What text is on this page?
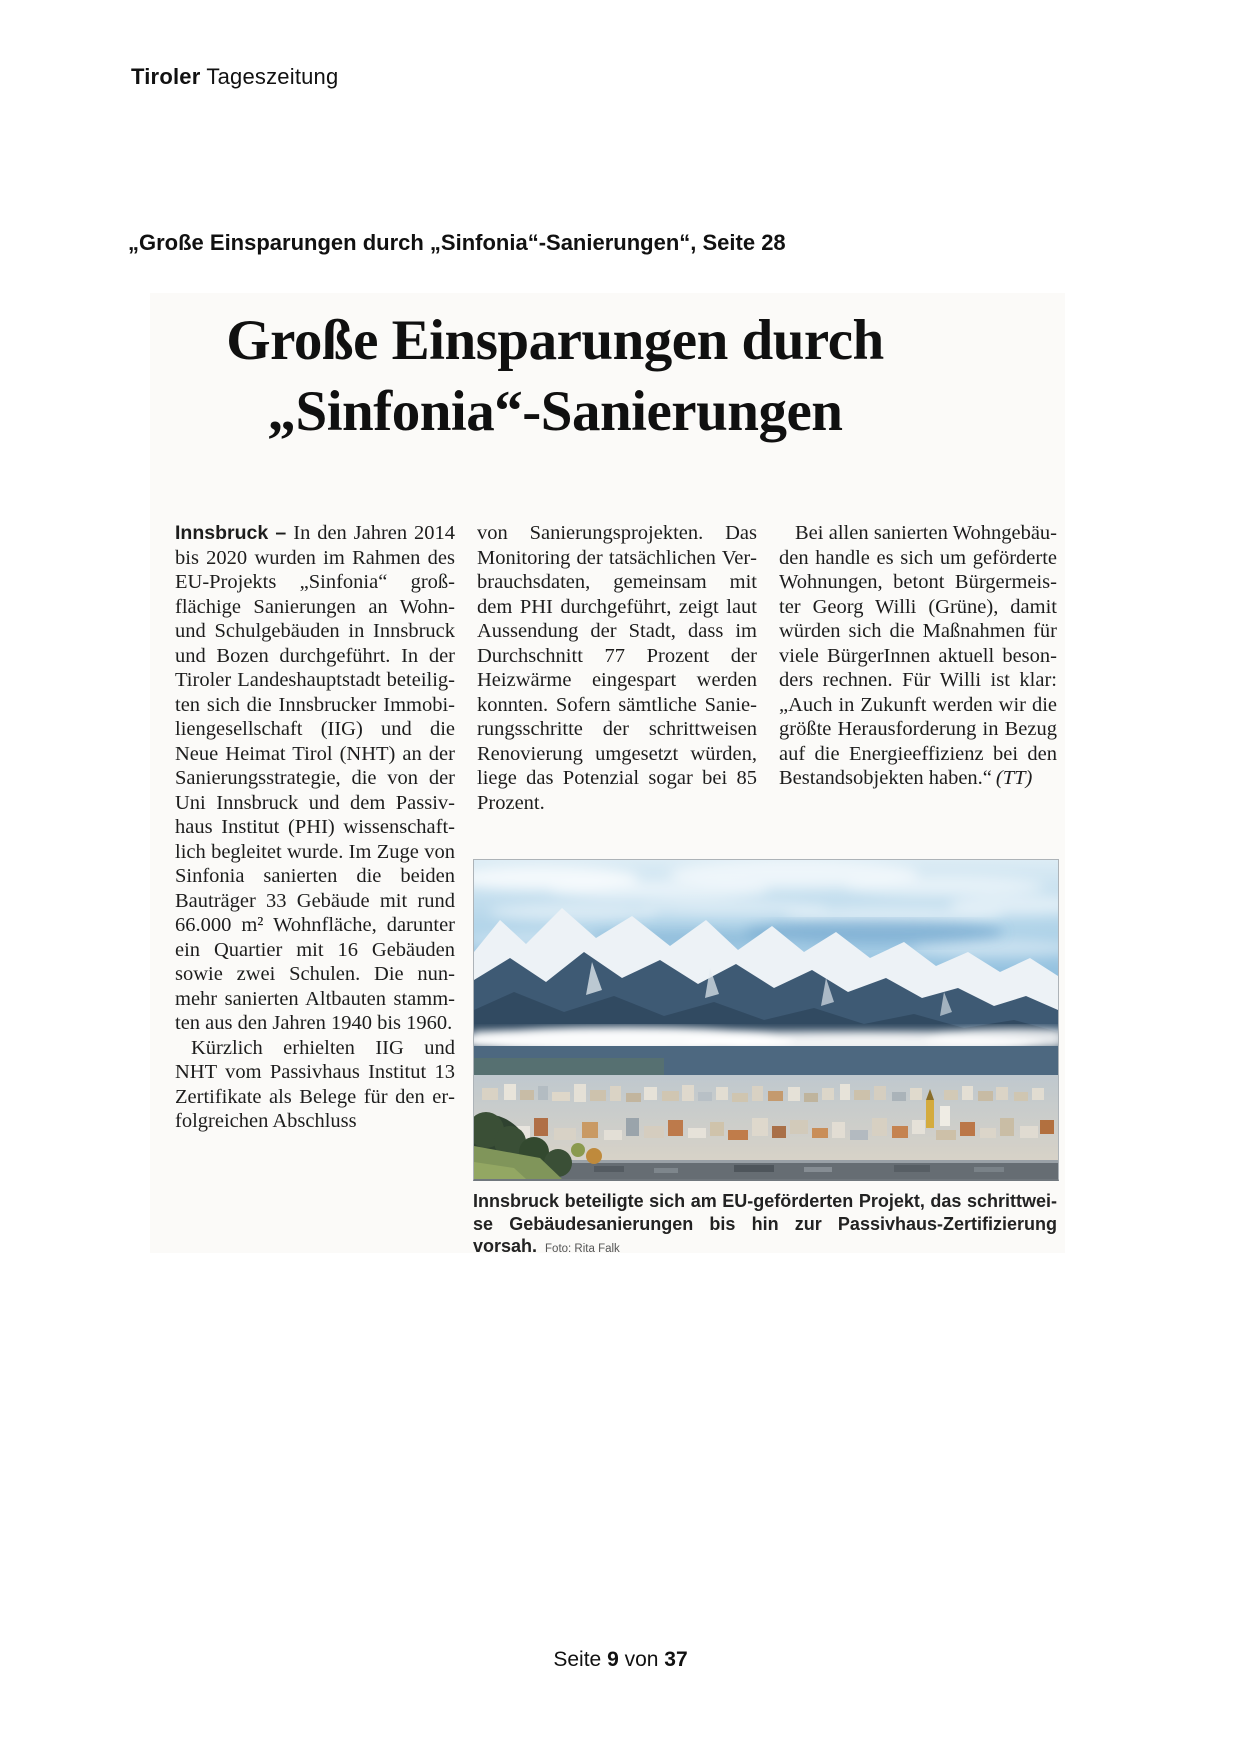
Tiroler Tageszeitung
„Große Einsparungen durch „Sinfonia“-Sanierungen“, Seite 28
Große Einsparungen durch
„Sinfonia“-Sanierungen

Innsbruck – In den Jahren 2014 bis 2020 wurden im Rahmen des EU-Projekts „Sinfonia“ großflächige Sanierungen an Wohn- und Schulgebäuden in Innsbruck und Bozen durchgeführt. In der Tiroler Landeshauptstadt beteiligten sich die Innsbrucker Immobiliengesellschaft (IIG) und die Neue Heimat Tirol (NHT) an der Sanierungsstrategie, die von der Uni Innsbruck und dem Passivhaus Institut (PHI) wissenschaftlich begleitet wurde. Im Zuge von Sinfonia sanierten die beiden Bauträger 33 Gebäude mit rund 66.000 m² Wohnfläche, darunter ein Quartier mit 16 Gebäuden sowie zwei Schulen. Die nunmehr sanierten Altbauten stammten aus den Jahren 1940 bis 1960.

Kürzlich erhielten IIG und NHT vom Passivhaus Institut 13 Zertifikate als Belege für den erfolgreichen Abschluss

von Sanierungsprojekten. Das Monitoring der tatsächlichen Verbrauchsdaten, gemeinsam mit dem PHI durchgeführt, zeigt laut Aussendung der Stadt, dass im Durchschnitt 77 Prozent der Heizwärme eingespart werden konnten. Sofern sämtliche Sanierungsschritte der schrittweisen Renovierung umgesetzt würden, liege das Potenzial sogar bei 85 Prozent.

Bei allen sanierten Wohngebäuden handle es sich um geförderte Wohnungen, betont Bürgermeister Georg Willi (Grüne), damit würden sich die Maßnahmen für viele BürgerInnen aktuell besonders rechnen. Für Willi ist klar: „Auch in Zukunft werden wir die größte Herausforderung in Bezug auf die Energieeffizienz bei den Bestandsobjekten haben.“ (TT)

Innsbruck beteiligte sich am EU-geförderten Projekt, das schrittweise Gebäudesanierungen bis hin zur Passivhaus-Zertifizierung vorsah. Foto: Rita Falk
Seite 9 von 37
